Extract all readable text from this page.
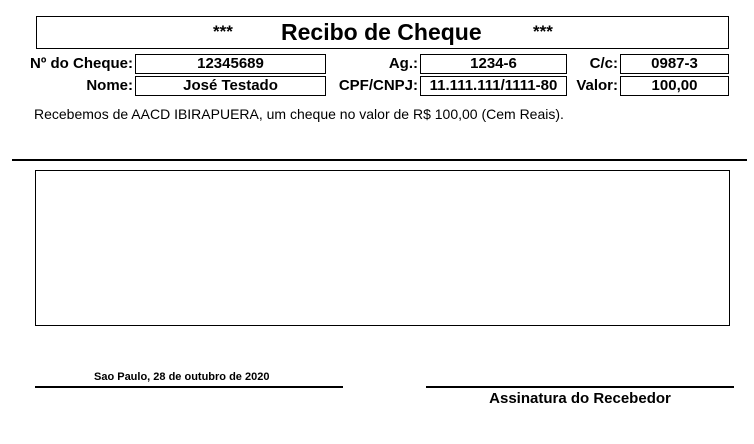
*** Recibo de Cheque	***
Nº do Cheque:	12345689	Ag.:	1234-6	C/c:	0987-3
Nome:	José Testado	CPF/CNPJ: 11.111.111/1111-80	Valor:	100,00
Recebemos de AACD IBIRAPUERA, um cheque no valor de R$ 100,00 (Cem Reais).
Sao Paulo, 28 de outubro de 2020
Assinatura do Recebedor
